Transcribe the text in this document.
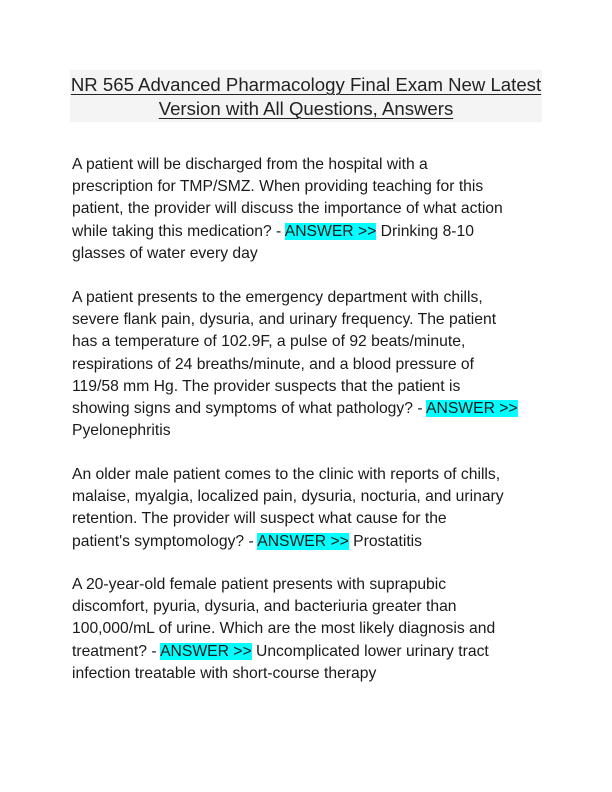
NR 565 Advanced Pharmacology Final Exam New Latest
Version with All Questions, Answers
A patient will be discharged from the hospital with a
prescription for TMP/SMZ. When providing teaching for this
patient, the provider will discuss the importance of what action
while taking this medication? - ANSWER >> Drinking 8-10
glasses of water every day
A patient presents to the emergency department with chills,
severe flank pain, dysuria, and urinary frequency. The patient
has a temperature of 102.9F, a pulse of 92 beats/minute,
respirations of 24 breaths/minute, and a blood pressure of
119/58 mm Hg. The provider suspects that the patient is
showing signs and symptoms of what pathology? - ANSWER >>
Pyelonephritis
An older male patient comes to the clinic with reports of chills,
malaise, myalgia, localized pain, dysuria, nocturia, and urinary
retention. The provider will suspect what cause for the
patient's symptomology? - ANSWER >> Prostatitis
A 20-year-old female patient presents with suprapubic
discomfort, pyuria, dysuria, and bacteriuria greater than
100,000/mL of urine. Which are the most likely diagnosis and
treatment? - ANSWER >> Uncomplicated lower urinary tract
infection treatable with short-course therapy
